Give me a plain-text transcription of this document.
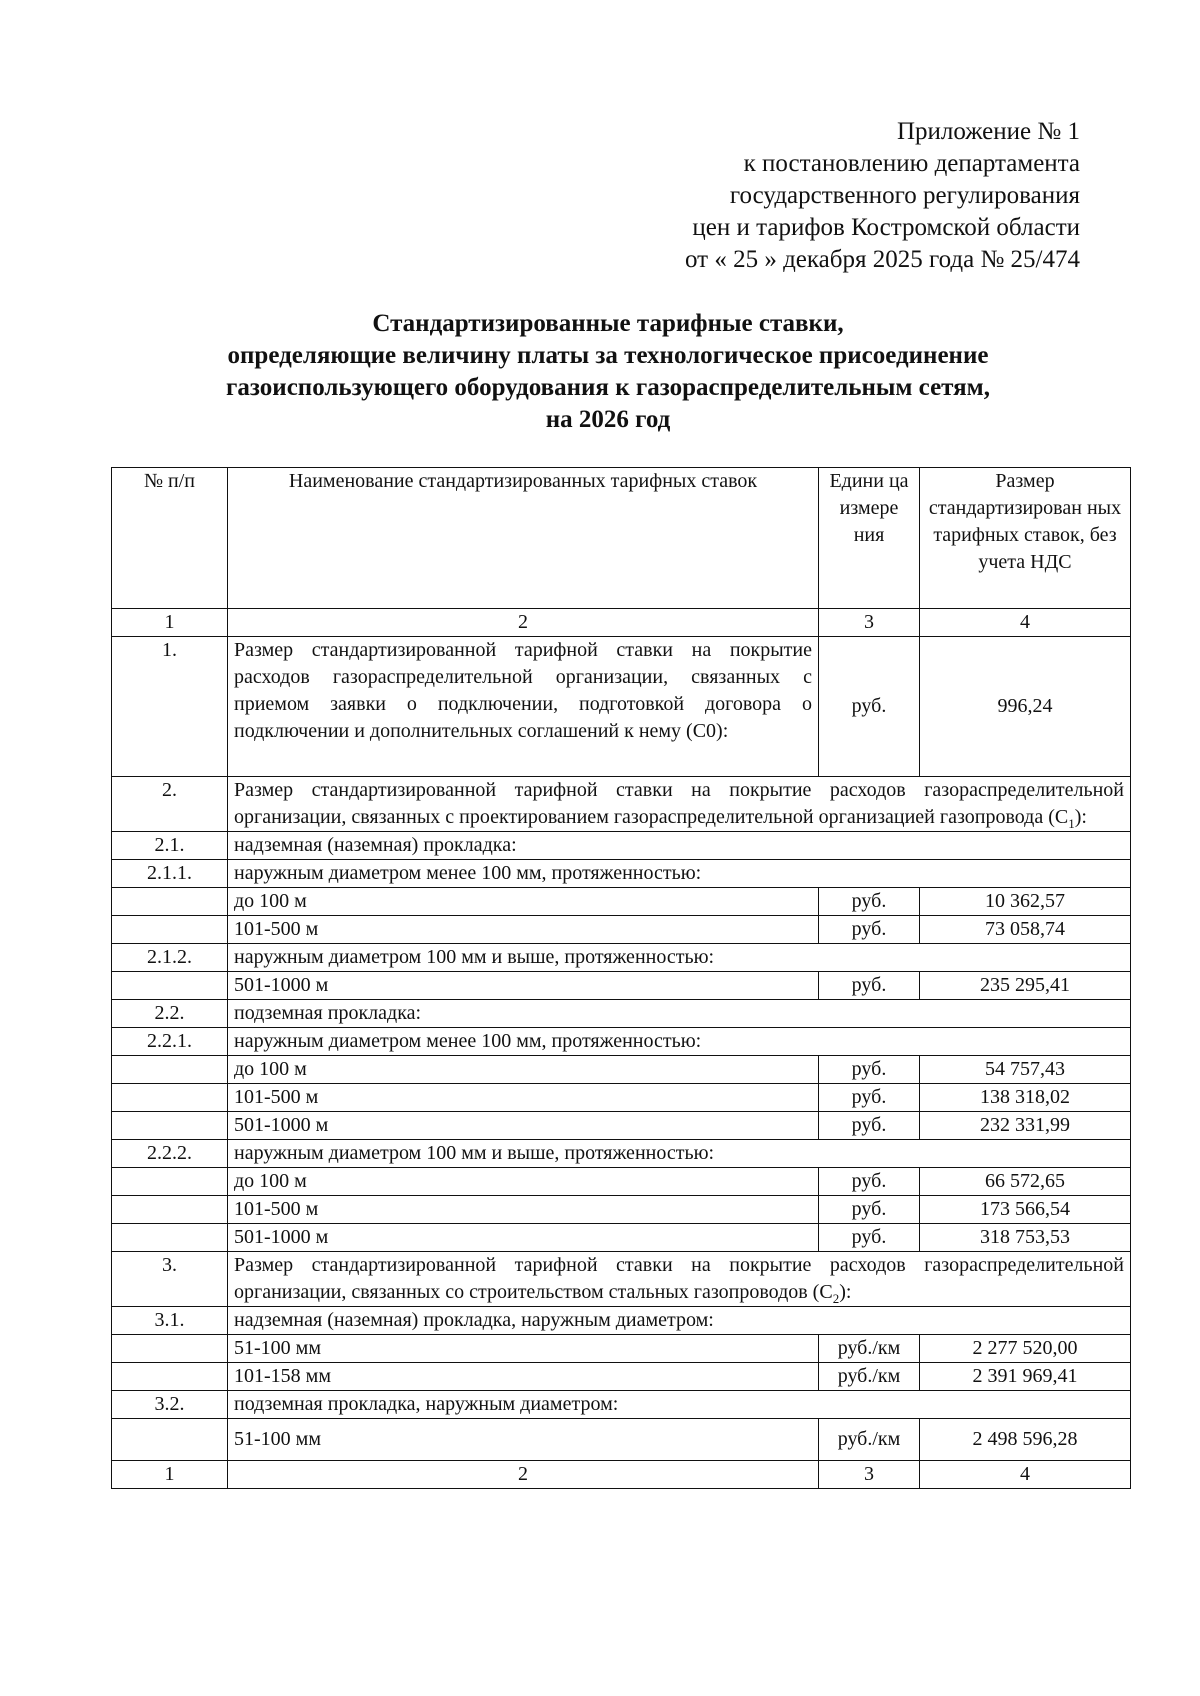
Приложение № 1
к постановлению департамента
государственного регулирования
цен и тарифов Костромской области
от « 25 » декабря 2025 года № 25/474
Стандартизированные тарифные ставки,
определяющие величину платы за технологическое присоединение
газоиспользующего оборудования к газораспределительным сетям,
на 2026 год
№ п/п	Наименование стандартизированных тарифных ставок	Едини ца измере ния	Размер стандартизирован ных тарифных ставок, без учета НДС
1	2	3	4
1.	Размер стандартизированной тарифной ставки на покрытие расходов газораспределительной организации, связанных с приемом заявки о подключении, подготовкой договора о подключении и дополнительных соглашений к нему (С0):	руб.	996,24
2.	Размер стандартизированной тарифной ставки на покрытие расходов газораспределительной организации, связанных с проектированием газораспределительной организацией газопровода $(С_1)$:		
2.1.	надземная (наземная) прокладка:		
2.1.1.	наружным диаметром менее 100 мм, протяженностью:		
	до 100 м	руб.	10 362,57
	101-500 м	руб.	73 058,74
2.1.2.	наружным диаметром 100 мм и выше, протяженностью:		
	501-1000 м	руб.	235 295,41
2.2.	подземная прокладка:		
2.2.1.	наружным диаметром менее 100 мм, протяженностью:		
	до 100 м	руб.	54 757,43
	101-500 м	руб.	138 318,02
	501-1000 м	руб.	232 331,99
2.2.2.	наружным диаметром 100 мм и выше, протяженностью:		
	до 100 м	руб.	66 572,65
	101-500 м	руб.	173 566,54
	501-1000 м	руб.	318 753,53
3.	Размер стандартизированной тарифной ставки на покрытие расходов газораспределительной организации, связанных со строительством стальных газопроводов $(С_2)$:		
3.1.	надземная (наземная) прокладка, наружным диаметром:		
	51-100 мм	руб./км	2 277 520,00
	101-158 мм	руб./км	2 391 969,41
3.2.	подземная прокладка, наружным диаметром:		
	51-100 мм	руб./км	2 498 596,28
1	2	3	4
